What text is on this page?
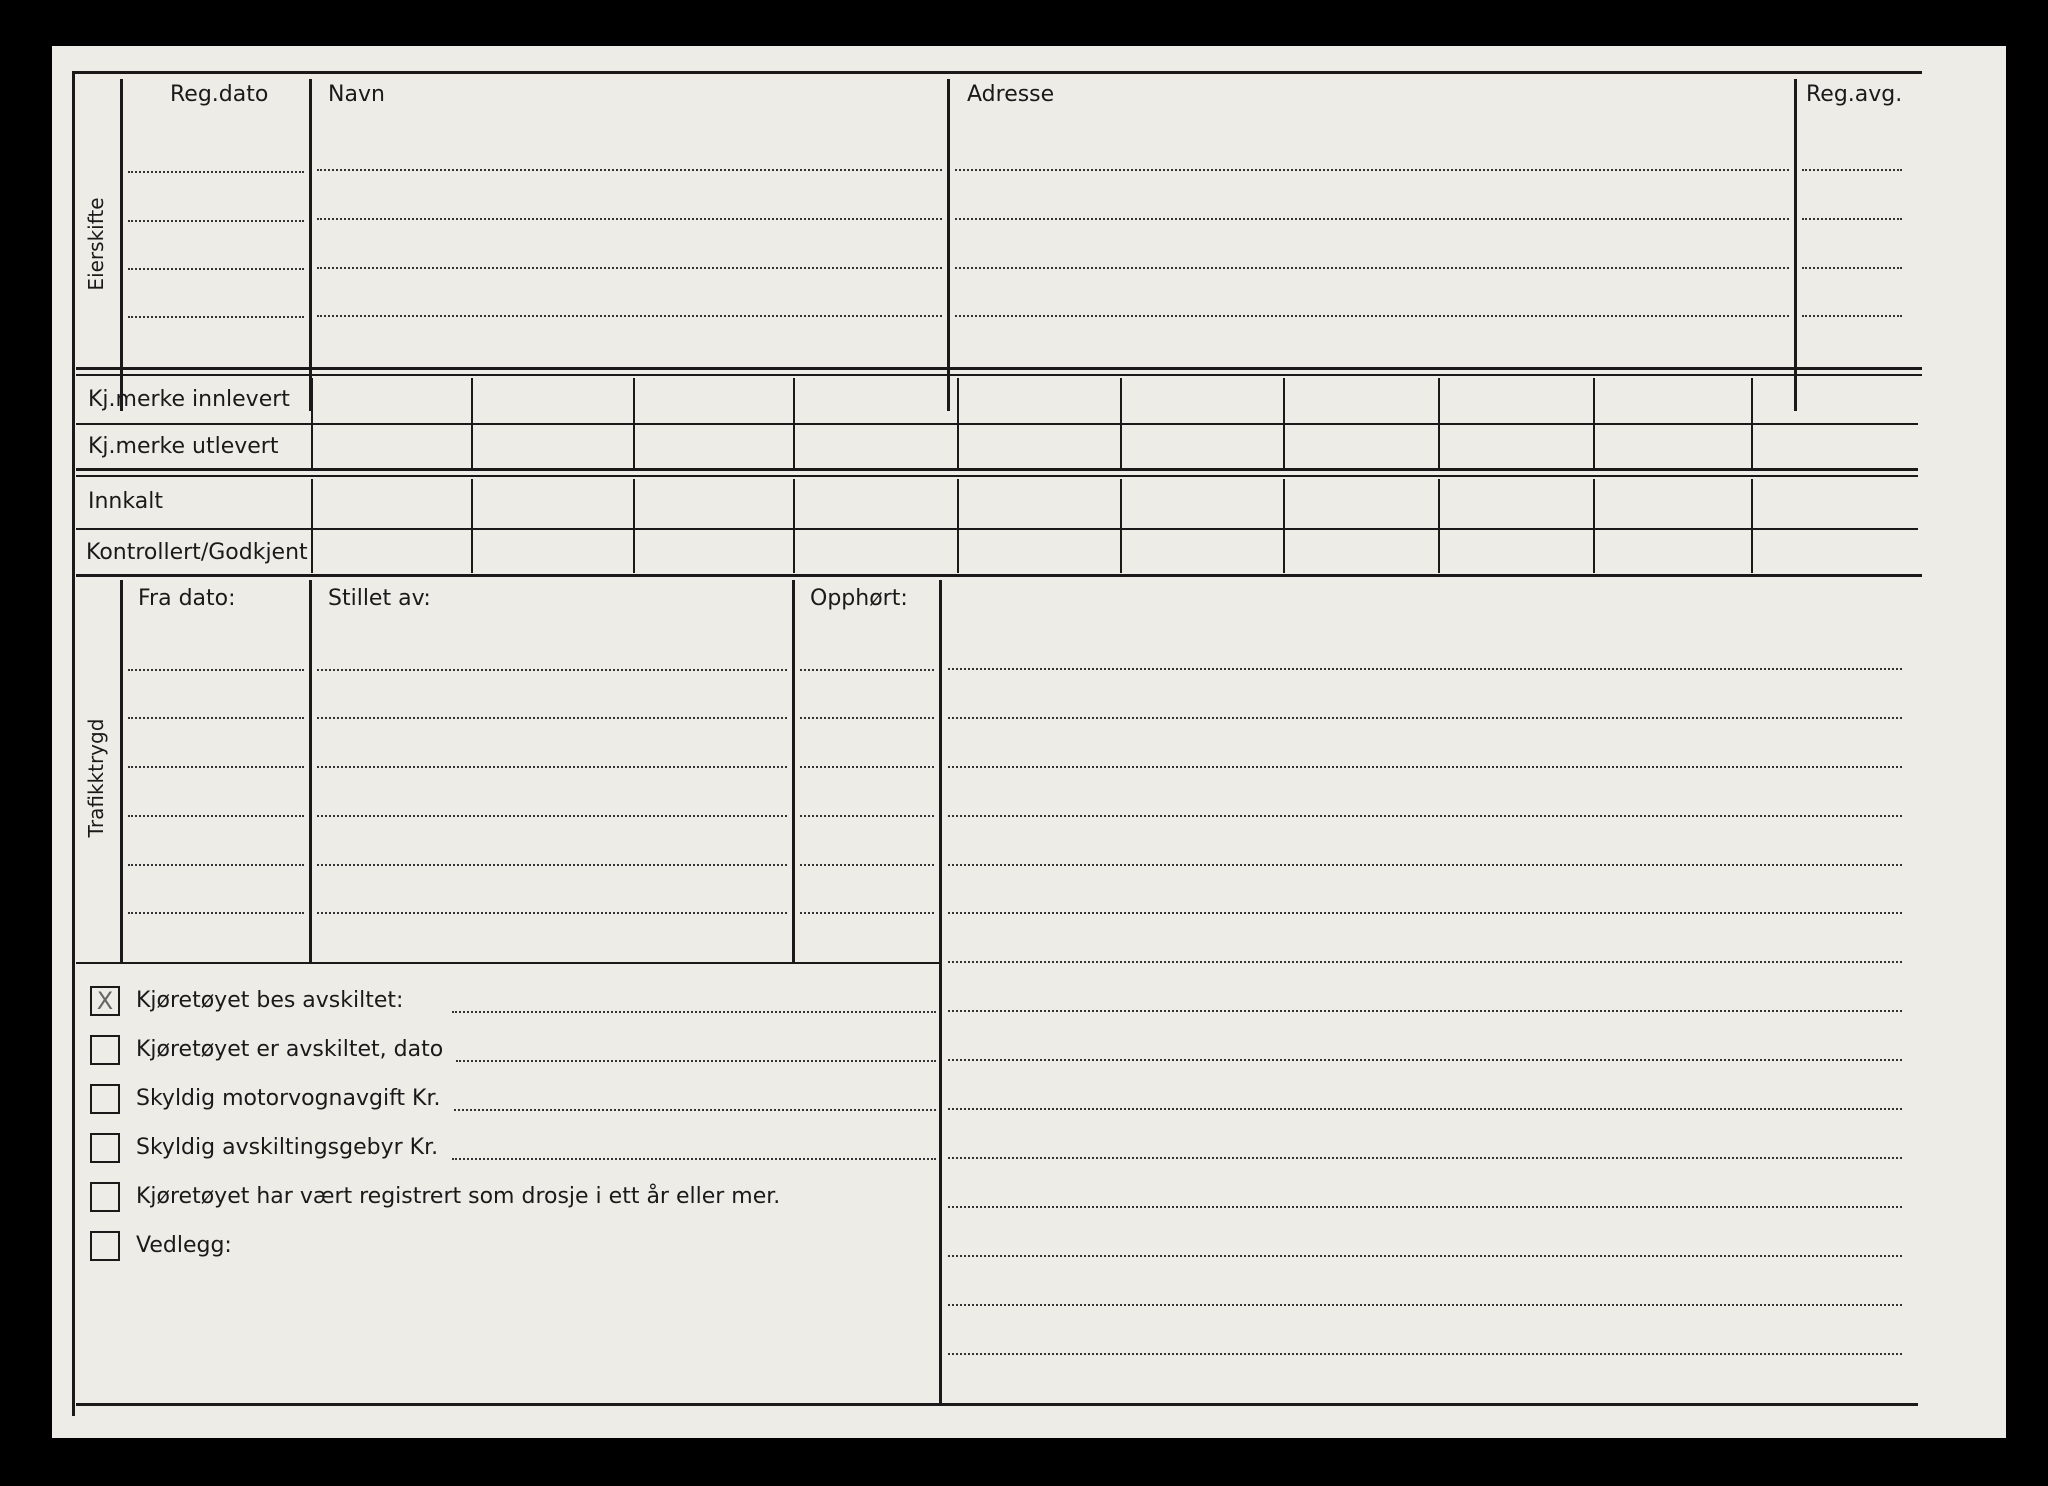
Eierskifte
Reg.dato	Navn	Adresse	Reg.avg.
Kj.merke innlevert
Kj.merke utlevert
Innkalt
Kontrollert/Godkjent
Trafikktrygd
Fra dato:	Stillet av:	Opphørt:
X	Kjøretøyet bes avskiltet:
Kjøretøyet er avskiltet, dato
Skyldig motorvognavgift Kr.
Skyldig avskiltingsgebyr Kr.
Kjøretøyet har vært registrert som drosje i ett år eller mer.
Vedlegg:
